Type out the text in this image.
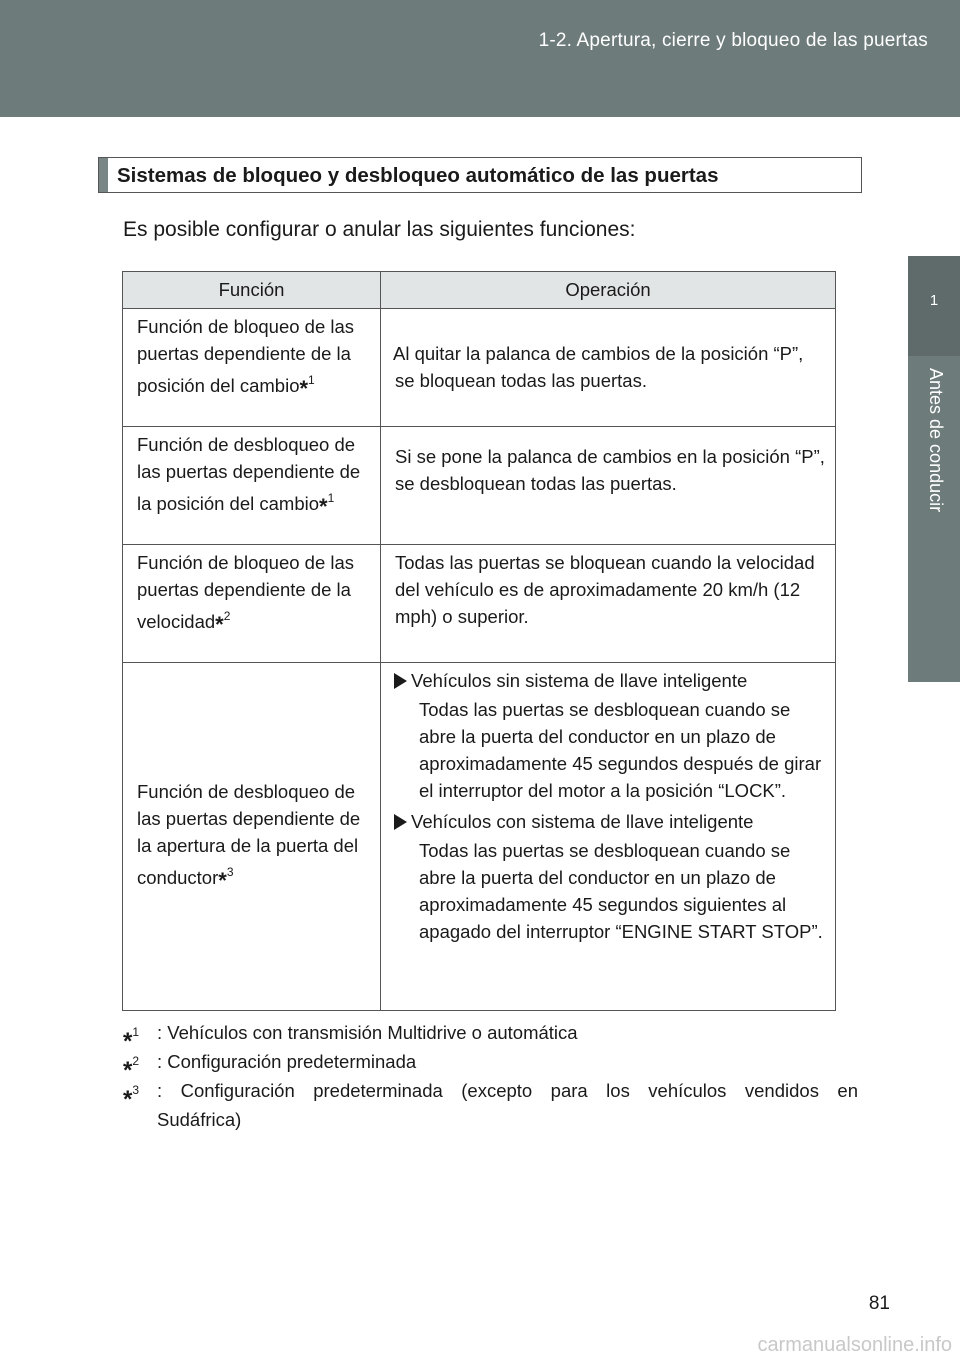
1-2. Apertura, cierre y bloqueo de las puertas
1
Antes de conducir
Sistemas de bloqueo y desbloqueo automático de las puertas
Es posible configurar o anular las siguientes funciones:
Función	Operación
Función de bloqueo de las puertas dependiente de la posición del cambio*$^1$	Al quitar la palanca de cambios de la posición “P”, se bloquean todas las puertas.

Función de desbloqueo de las puertas dependiente de la posición del cambio*$^1$	Si se pone la palanca de cambios en la posición “P”, se desbloquean todas las puertas.

Función de bloqueo de las puertas dependiente de la velocidad*$^2$	Todas las puertas se bloquean cuando la velocidad del vehículo es de aproximadamente 20 km/h (12 mph) o superior.

Función de desbloqueo de las puertas dependiente de la apertura de la puerta del conductor*$^3$	Vehículos sin sistema de llave inteligente
Todas las puertas se desbloquean cuando se abre la puerta del conductor en un plazo de aproximadamente 45 segundos después de girar el interruptor del motor a la posición “LOCK”.
Vehículos con sistema de llave inteligente
Todas las puertas se desbloquean cuando se abre la puerta del conductor en un plazo de aproximadamente 45 segundos siguientes al apagado del interruptor “ENGINE START STOP”.
*$^1$ : Vehículos con transmisión Multidrive o automática
*$^2$ : Configuración predeterminada
*$^3$ : Configuración predeterminada (excepto para los vehículos vendidos en
Sudáfrica)
81
carmanualsonline.info
